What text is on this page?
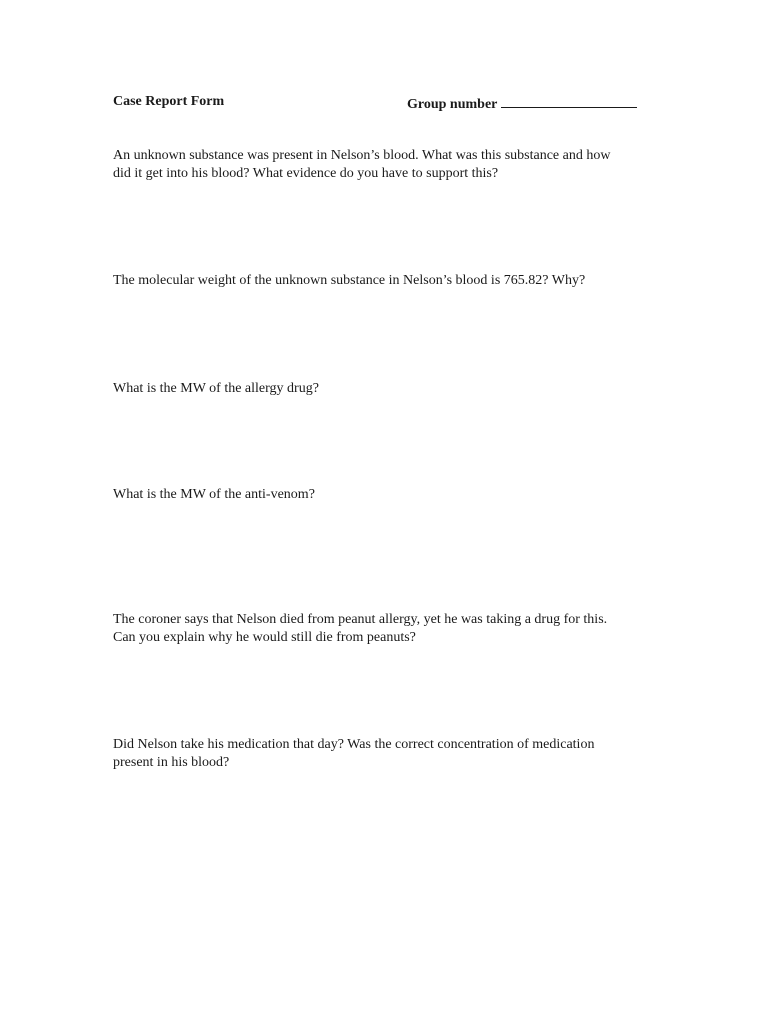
Case Report Form	Group number
An unknown substance was present in Nelson’s blood. What was this substance and how
did it get into his blood? What evidence do you have to support this?
The molecular weight of the unknown substance in Nelson’s blood is 765.82? Why?
What is the MW of the allergy drug?
What is the MW of the anti-venom?
The coroner says that Nelson died from peanut allergy, yet he was taking a drug for this.
Can you explain why he would still die from peanuts?
Did Nelson take his medication that day? Was the correct concentration of medication
present in his blood?
